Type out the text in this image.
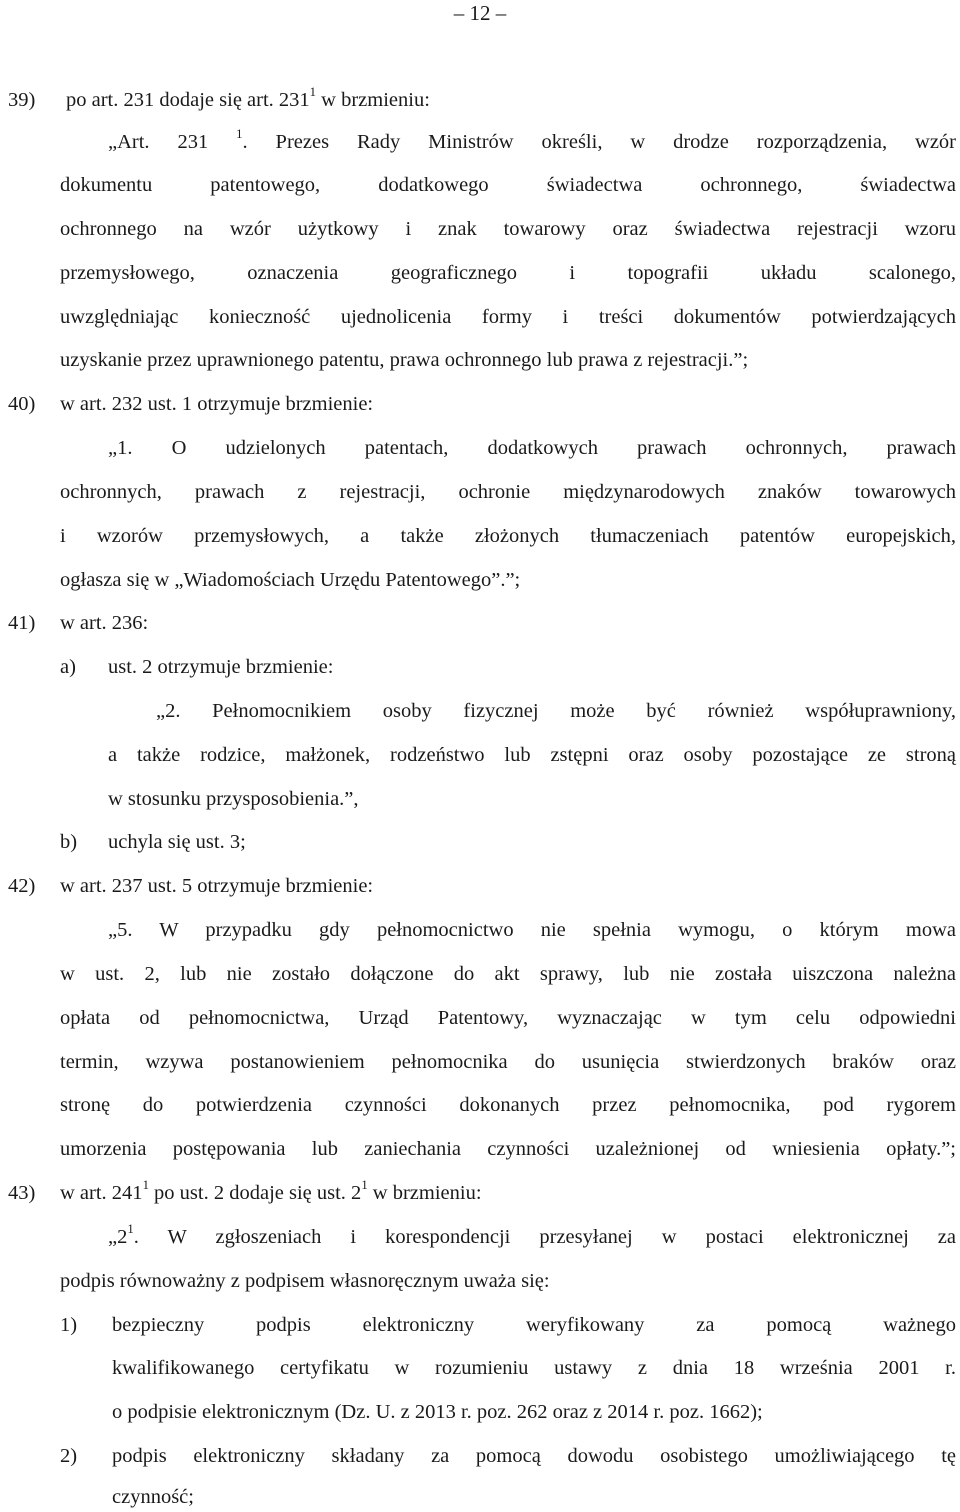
– 12 –
39) po art. 231 dodaje się art. $231^1$ w brzmieniu:
„Art. 231 $^1$. Prezes Rady Ministrów określi, w drodze rozporządzenia, wzór
dokumentu patentowego, dodatkowego świadectwa ochronnego, świadectwa
ochronnego na wzór użytkowy i znak towarowy oraz świadectwa rejestracji wzoru
przemysłowego, oznaczenia geograficznego i topografii układu scalonego,
uwzględniając konieczność ujednolicenia formy i treści dokumentów potwierdzających
uzyskanie przez uprawnionego patentu, prawa ochronnego lub prawa z rejestracji.”;
40) w art. 232 ust. 1 otrzymuje brzmienie:
„1. O udzielonych patentach, dodatkowych prawach ochronnych, prawach
ochronnych, prawach z rejestracji, ochronie międzynarodowych znaków towarowych
i wzorów przemysłowych, a także złożonych tłumaczeniach patentów europejskich,
ogłasza się w „Wiadomościach Urzędu Patentowego”.”;
41) w art. 236:
a) ust. 2 otrzymuje brzmienie:
„2. Pełnomocnikiem osoby fizycznej może być również współuprawniony,
a także rodzice, małżonek, rodzeństwo lub zstępni oraz osoby pozostające ze stroną
w stosunku przysposobienia.”,
b) uchyla się ust. 3;
42) w art. 237 ust. 5 otrzymuje brzmienie:
„5. W przypadku gdy pełnomocnictwo nie spełnia wymogu, o którym mowa
w ust. 2, lub nie zostało dołączone do akt sprawy, lub nie została uiszczona należna
opłata od pełnomocnictwa, Urząd Patentowy, wyznaczając w tym celu odpowiedni
termin, wzywa postanowieniem pełnomocnika do usunięcia stwierdzonych braków oraz
stronę do potwierdzenia czynności dokonanych przez pełnomocnika, pod rygorem
umorzenia postępowania lub zaniechania czynności uzależnionej od wniesienia opłaty.”;
43) w art. $241^1$ po ust. 2 dodaje się ust. $2^1$ w brzmieniu:
$„2^1$. W zgłoszeniach i korespondencji przesyłanej w postaci elektronicznej za
podpis równoważny z podpisem własnoręcznym uważa się:
1) bezpieczny podpis elektroniczny weryfikowany za pomocą ważnego
kwalifikowanego certyfikatu w rozumieniu ustawy z dnia 18 września 2001 r.
o podpisie elektronicznym (Dz. U. z 2013 r. poz. 262 oraz z 2014 r. poz. 1662);
2) podpis elektroniczny składany za pomocą dowodu osobistego umożliwiającego tę
czynność;
